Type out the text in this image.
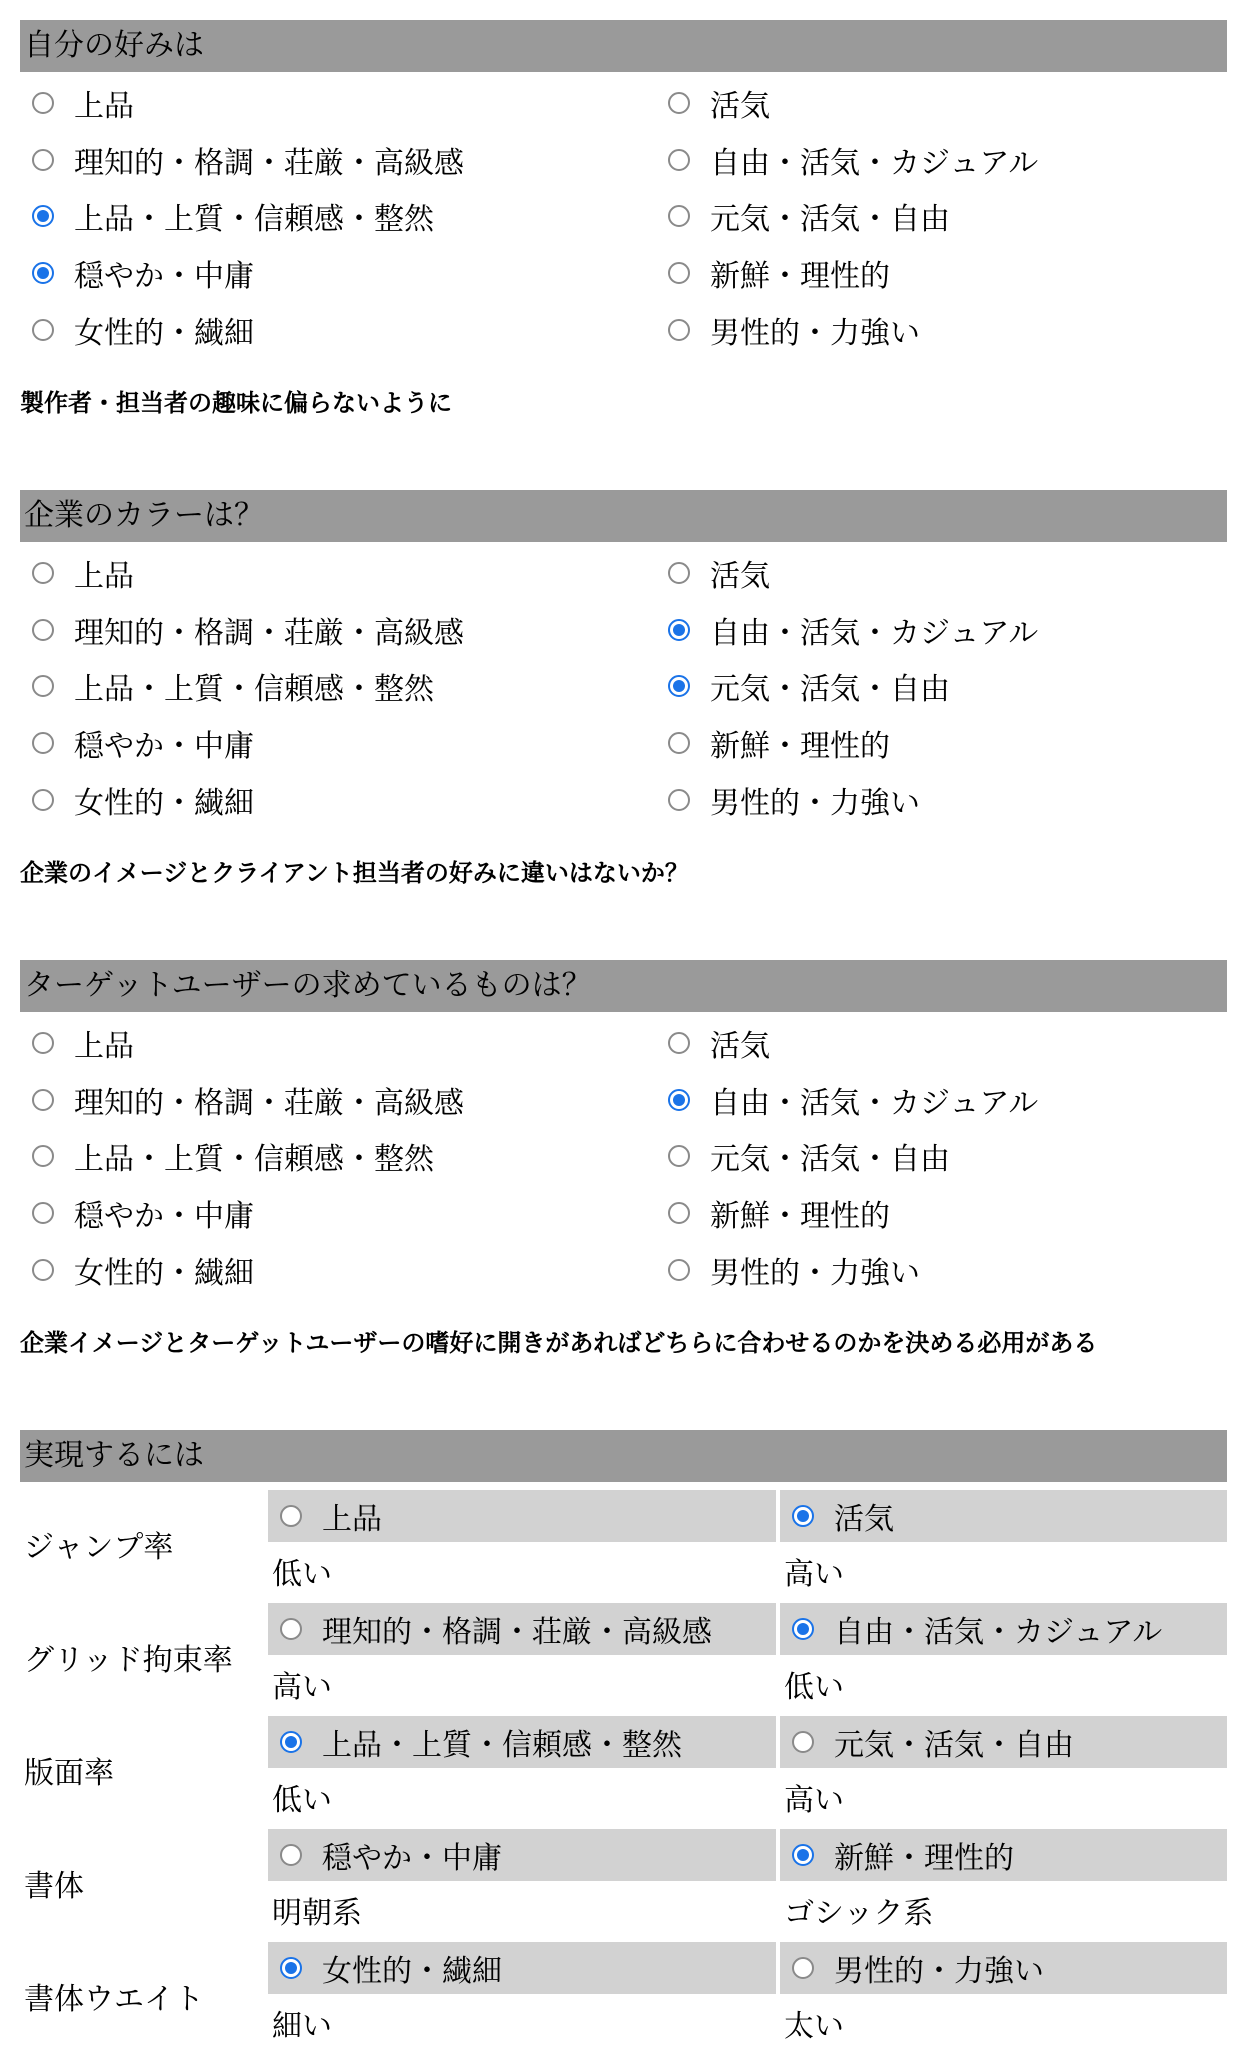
自分の好みは
上品	活気
理知的・格調・荘厳・高級感	自由・活気・カジュアル
上品・上質・信頼感・整然	元気・活気・自由
穏やか・中庸	新鮮・理性的
女性的・繊細	男性的・力強い
製作者・担当者の趣味に偏らないように
企業のカラーは？
上品	活気
理知的・格調・荘厳・高級感	自由・活気・カジュアル
上品・上質・信頼感・整然	元気・活気・自由
穏やか・中庸	新鮮・理性的
女性的・繊細	男性的・力強い
企業のイメージとクライアント担当者の好みに違いはないか？
ターゲットユーザーの求めているものは？
上品	活気
理知的・格調・荘厳・高級感	自由・活気・カジュアル
上品・上質・信頼感・整然	元気・活気・自由
穏やか・中庸	新鮮・理性的
女性的・繊細	男性的・力強い
企業イメージとターゲットユーザーの嗜好に開きがあればどちらに合わせるのかを決める必用がある
実現するには
ジャンプ率
上品	活気
低い	高い
グリッド拘束率
理知的・格調・荘厳・高級感	自由・活気・カジュアル
高い	低い
版面率
上品・上質・信頼感・整然	元気・活気・自由
低い	高い
書体
穏やか・中庸	新鮮・理性的
明朝系	ゴシック系
書体ウエイト
女性的・繊細	男性的・力強い
細い	太い
